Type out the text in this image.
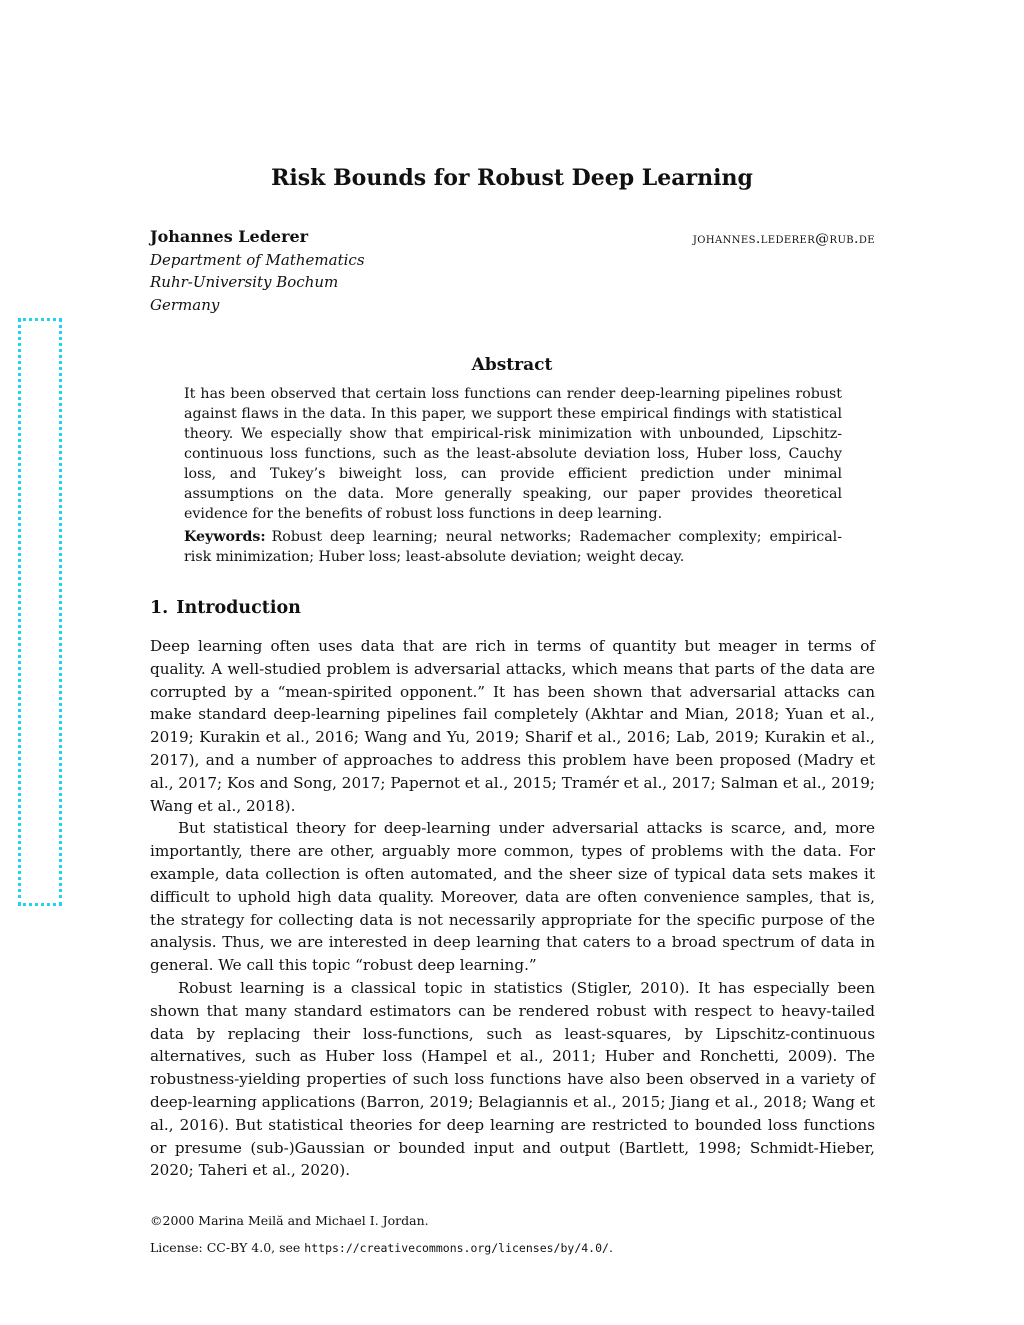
Risk Bounds for Robust Deep Learning
Johannes Lederer	johannes.lederer@rub.de
Department of Mathematics
Ruhr-University Bochum
Germany
Abstract

It has been observed that certain loss functions can render deep-learning pipelines robust against flaws in the data. In this paper, we support these empirical findings with statistical theory. We especially show that empirical-risk minimization with unbounded, Lipschitz-continuous loss functions, such as the least-absolute deviation loss, Huber loss, Cauchy loss, and Tukey’s biweight loss, can provide efficient prediction under minimal assumptions on the data. More generally speaking, our paper provides theoretical evidence for the benefits of robust loss functions in deep learning.

Keywords: Robust deep learning; neural networks; Rademacher complexity; empirical-risk minimization; Huber loss; least-absolute deviation; weight decay.

1. Introduction

Deep learning often uses data that are rich in terms of quantity but meager in terms of quality. A well-studied problem is adversarial attacks, which means that parts of the data are corrupted by a “mean-spirited opponent.” It has been shown that adversarial attacks can make standard deep-learning pipelines fail completely (Akhtar and Mian, 2018; Yuan et al., 2019; Kurakin et al., 2016; Wang and Yu, 2019; Sharif et al., 2016; Lab, 2019; Kurakin et al., 2017), and a number of approaches to address this problem have been proposed (Madry et al., 2017; Kos and Song, 2017; Papernot et al., 2015; Tramér et al., 2017; Salman et al., 2019; Wang et al., 2018).

But statistical theory for deep-learning under adversarial attacks is scarce, and, more importantly, there are other, arguably more common, types of problems with the data. For example, data collection is often automated, and the sheer size of typical data sets makes it difficult to uphold high data quality. Moreover, data are often convenience samples, that is, the strategy for collecting data is not necessarily appropriate for the specific purpose of the analysis. Thus, we are interested in deep learning that caters to a broad spectrum of data in general. We call this topic “robust deep learning.”

Robust learning is a classical topic in statistics (Stigler, 2010). It has especially been shown that many standard estimators can be rendered robust with respect to heavy-tailed data by replacing their loss-functions, such as least-squares, by Lipschitz-continuous alternatives, such as Huber loss (Hampel et al., 2011; Huber and Ronchetti, 2009). The robustness-yielding properties of such loss functions have also been observed in a variety of deep-learning applications (Barron, 2019; Belagiannis et al., 2015; Jiang et al., 2018; Wang et al., 2016). But statistical theories for deep learning are restricted to bounded loss functions or presume (sub-)Gaussian or bounded input and output (Bartlett, 1998; Schmidt-Hieber, 2020; Taheri et al., 2020).

©2000 Marina Meilă and Michael I. Jordan.

License: CC-BY 4.0, see https://creativecommons.org/licenses/by/4.0/.
